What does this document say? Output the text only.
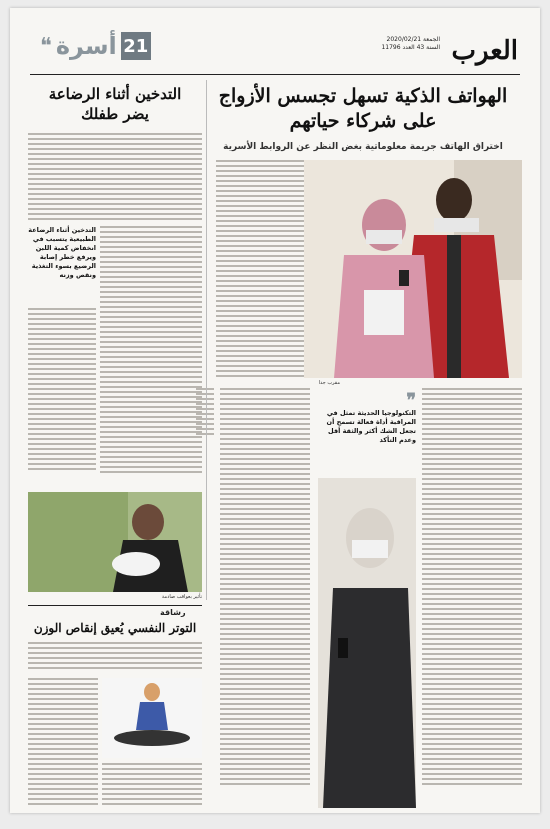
العرب
الجمعة 2020/02/21
السنة 43 العدد 11796
21
أسرة
❝
الهواتف الذكية تسهل تجسس الأزواج
على شركاء حياتهم
اختراق الهاتف جريمة معلوماتية بغض النظر عن الروابط الأسرية
مقرب جدا
❞
التكنولوجيا الحديثة تمثل في المراقبة أداة فعالة تسمح أن تجعل الشك أكثر والثقة أقل وعدم التأكد
التدخين أثناء الرضاعة
يضر طفلك
التدخين أثناء الرضاعة الطبيعية يتسبب في انخفاض كمية اللبن ويرفع خطر إصابة الرضيع بسوء التغذية ونقص وزنه
تأثير بعواقب صادمة
رشاقة
التوتر النفسي يُعيق إنقاص الوزن
